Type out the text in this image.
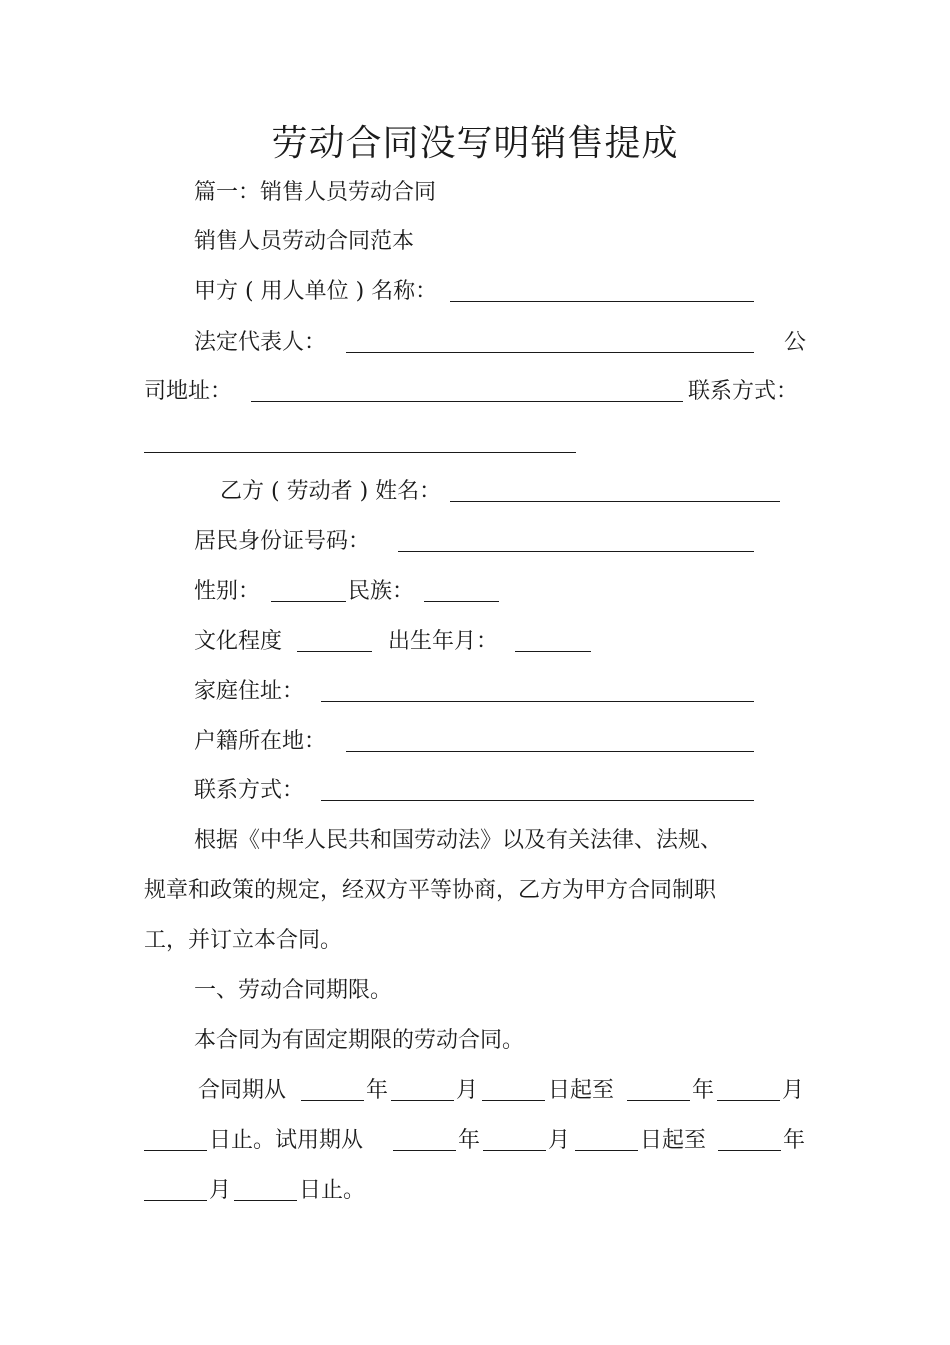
劳动合同没写明销售提成
篇一：销售人员劳动合同
销售人员劳动合同范本
甲方 ( 用人单位 ) 名称：
法定代表人：	公
司地址：	联系方式：
乙方 ( 劳动者 ) 姓名：
居民身份证号码：
性别：	民族：
文化程度	出生年月：
家庭住址：
户籍所在地：
联系方式：
根据《中华人民共和国劳动法》以及有关法律、法规、
规章和政策的规定，经双方平等协商，乙方为甲方合同制职
工，并订立本合同。
一、劳动合同期限。
本合同为有固定期限的劳动合同。
合同期从	年	月	日起至	年	月
日止。试用期从	年	月	日起至	年
月	日止。
